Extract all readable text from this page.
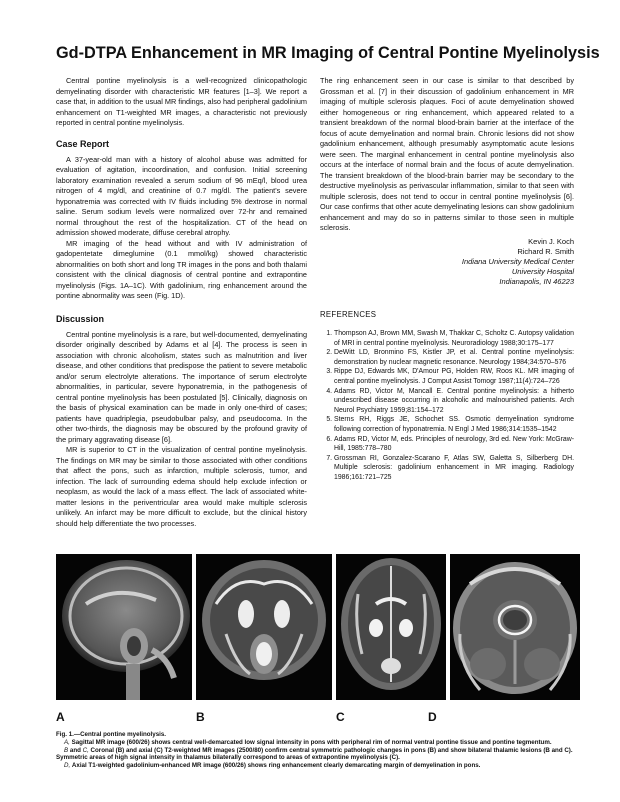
Gd-DTPA Enhancement in MR Imaging of Central Pontine Myelinolysis

Central pontine myelinolysis is a well-recognized clinicopathologic demyelinating disorder with characteristic MR features [1–3]. We report a case that, in addition to the usual MR findings, also had peripheral gadolinium enhancement on T1-weighted MR images, a characteristic not previously reported in central pontine myelinolysis.

Case Report

A 37-year-old man with a history of alcohol abuse was admitted for evaluation of agitation, incoordination, and confusion. Initial screening laboratory examination revealed a serum sodium of 96 mEq/l, blood urea nitrogen of 4 mg/dl, and creatinine of 0.7 mg/dl. The patient's severe hyponatremia was corrected with IV fluids including 5% dextrose in normal saline. Serum sodium levels were normalized over 72-hr and remained normal throughout the rest of the hospitalization. CT of the head on admission showed moderate, diffuse cerebral atrophy.

MR imaging of the head without and with IV administration of gadopentetate dimeglumine (0.1 mmol/kg) showed characteristic abnormalities on both short and long TR images in the pons and both thalami consistent with the clinical diagnosis of central pontine and extrapontine myelinolysis (Figs. 1A–1C). With gadolinium, ring enhancement around the pontine abnormality was seen (Fig. 1D).

Discussion

Central pontine myelinolysis is a rare, but well-documented, demyelinating disorder originally described by Adams et al [4]. The process is seen in association with chronic alcoholism, states such as malnutrition and liver disease, and other conditions that predispose the patient to severe metabolic and/or serum electrolyte alterations. The importance of serum electrolyte abnormalities, in particular, severe hyponatremia, in the pathogenesis of central pontine myelinolysis has been postulated [5]. Clinically, diagnosis on the basis of physical examination can be made in only one-third of cases; patients have quadriplegia, pseudobulbar palsy, and pseudocoma. In the other two-thirds, the diagnosis may be obscured by the profound gravity of the primary aggravating disease [6].

MR is superior to CT in the visualization of central pontine myelinolysis. The findings on MR may be similar to those associated with other conditions that affect the pons, such as infarction, multiple sclerosis, tumor, and infection. The lack of surrounding edema should help exclude infection or neoplasm, as would the lack of a mass effect. The lack of associated white-matter lesions in the periventricular area would make multiple sclerosis unlikely. An infarct may be more difficult to exclude, but the clinical history should help differentiate the two processes.

The ring enhancement seen in our case is similar to that described by Grossman et al. [7] in their discussion of gadolinium enhancement in MR imaging of multiple sclerosis plaques. Foci of acute demyelination showed either homogeneous or ring enhancement, which appeared related to a transient breakdown of the normal blood-brain barrier at the interface of the focus of acute demyelination and normal brain. Chronic lesions did not show gadolinium enhancement, although presumably asymptomatic acute lesions were seen. The marginal enhancement in central pontine myelinolysis also occurs at the interface of normal brain and the focus of acute demyelination. The transient breakdown of the blood-brain barrier may be secondary to the destructive myelinolysis as perivascular inflammation, similar to that seen with multiple sclerosis, does not tend to occur in central pontine myelinolysis [6]. Our case confirms that other acute demyelinating lesions can show gadolinium enhancement and may do so in patterns similar to those seen in multiple sclerosis.

Kevin J. Koch
Richard R. Smith
Indiana University Medical Center
University Hospital
Indianapolis, IN 46223
REFERENCES
1. Thompson AJ, Brown MM, Swash M, Thakkar C, Scholtz C. Autopsy validation of MRI in central pontine myelinolysis. Neuroradiology 1988;30:175–177
2. DeWitt LD, Bronmino FS, Kistler JP, et al. Central pontine myelinolysis: demonstration by nuclear magnetic resonance. Neurology 1984;34:570–576
3. Rippe DJ, Edwards MK, D'Amour PG, Holden RW, Roos KL. MR imaging of central pontine myelinolysis. J Comput Assist Tomogr 1987;11(4):724–726
4. Adams RD, Victor M, Mancall E. Central pontine myelinolysis: a hitherto undescribed disease occurring in alcoholic and malnourished patients. Arch Neurol Psychiatry 1959;81:154–172
5. Sterns RH, Riggs JE, Schochet SS. Osmotic demyelination syndrome following correction of hyponatremia. N Engl J Med 1986;314:1535–1542
6. Adams RD, Victor M, eds. Principles of neurology, 3rd ed. New York: McGraw-Hill, 1985:778–780
7. Grossman RI, Gonzalez-Scarano F, Atlas SW, Galetta S, Silberberg DH. Multiple sclerosis: gadolinium enhancement in MR imaging. Radiology 1986;161:721–725
A	B	C	D

Fig. 1.—Central pontine myelinolysis.

A, Sagittal MR image (600/26) shows central well-demarcated low signal intensity in pons with peripheral rim of normal ventral pontine tissue and pontine tegmentum.

B and C, Coronal (B) and axial (C) T2-weighted MR images (2500/80) confirm central symmetric pathologic changes in pons (B) and show bilateral thalamic lesions (B and C). Symmetric areas of high signal intensity in thalamus bilaterally correspond to areas of extrapontine myelinolysis (C).

D, Axial T1-weighted gadolinium-enhanced MR image (600/26) shows ring enhancement clearly demarcating margin of demyelination in pons.
